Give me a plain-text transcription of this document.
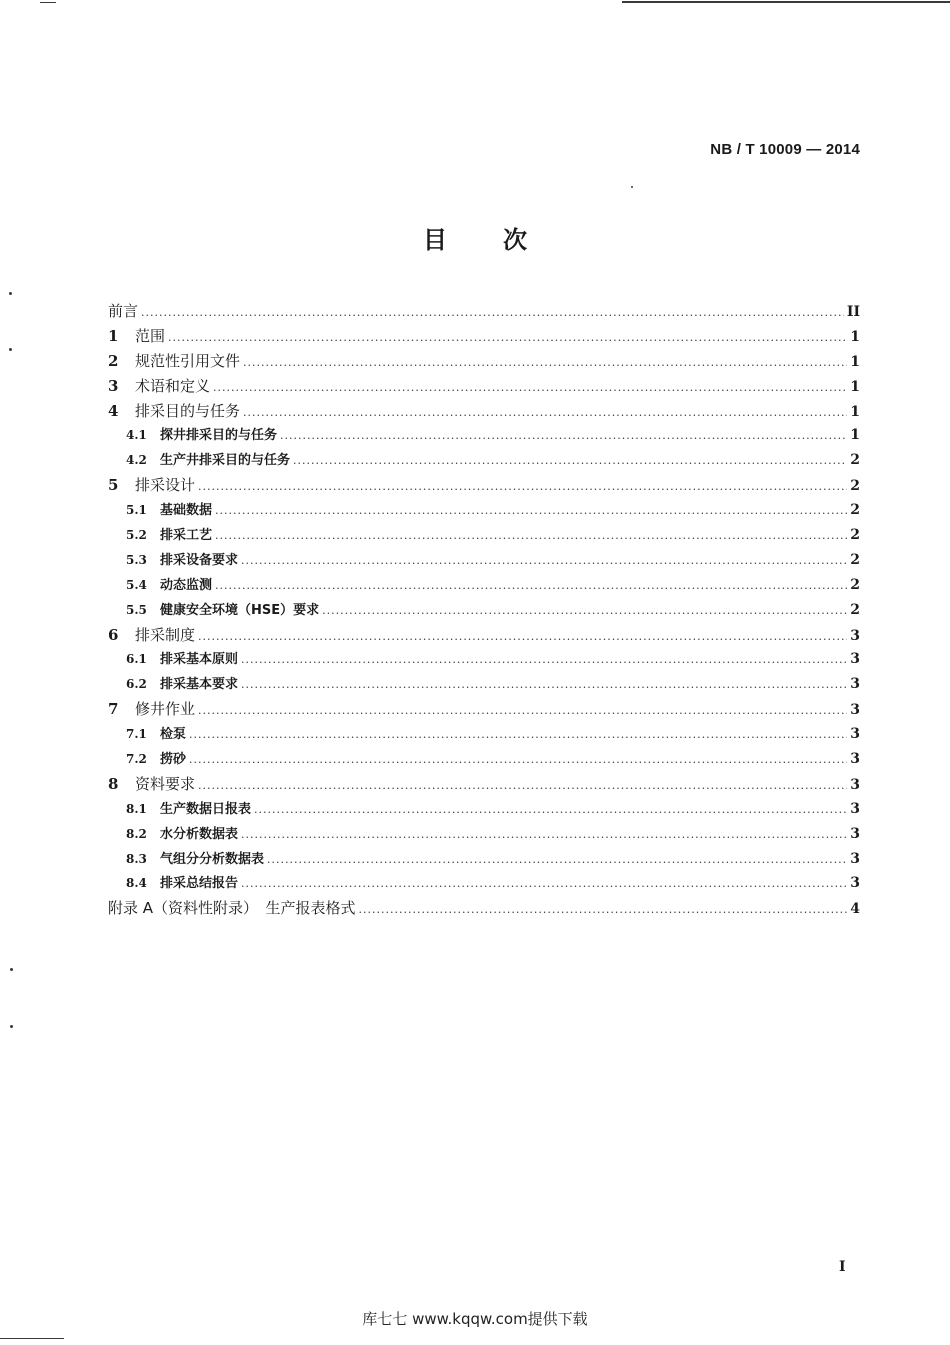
NB / T 10009 — 2014
目 次
前言 .....	II
1	范围 .....	1
2	规范性引用文件 .....	1
3	术语和定义 .....	1
4	排采目的与任务 .....	1
4.1	探井排采目的与任务 .....	1
4.2	生产井排采目的与任务 .....	2
5	排采设计 .....	2
5.1	基础数据 .....	2
5.2	排采工艺 .....	2
5.3	排采设备要求 .....	2
5.4	动态监测 .....	2
5.5	健康安全环境（HSE）要求 .....	2
6	排采制度 .....	3
6.1	排采基本原则 .....	3
6.2	排采基本要求 .....	3
7	修井作业 .....	3
7.1	检泵 .....	3
7.2	捞砂 .....	3
8	资料要求 .....	3
8.1	生产数据日报表 .....	3
8.2	水分析数据表 .....	3
8.3	气组分分析数据表 .....	3
8.4	排采总结报告 .....	3
附录 A（资料性附录）　生产报表格式 .....	4
I
库七七 www.kqqw.com提供下载
